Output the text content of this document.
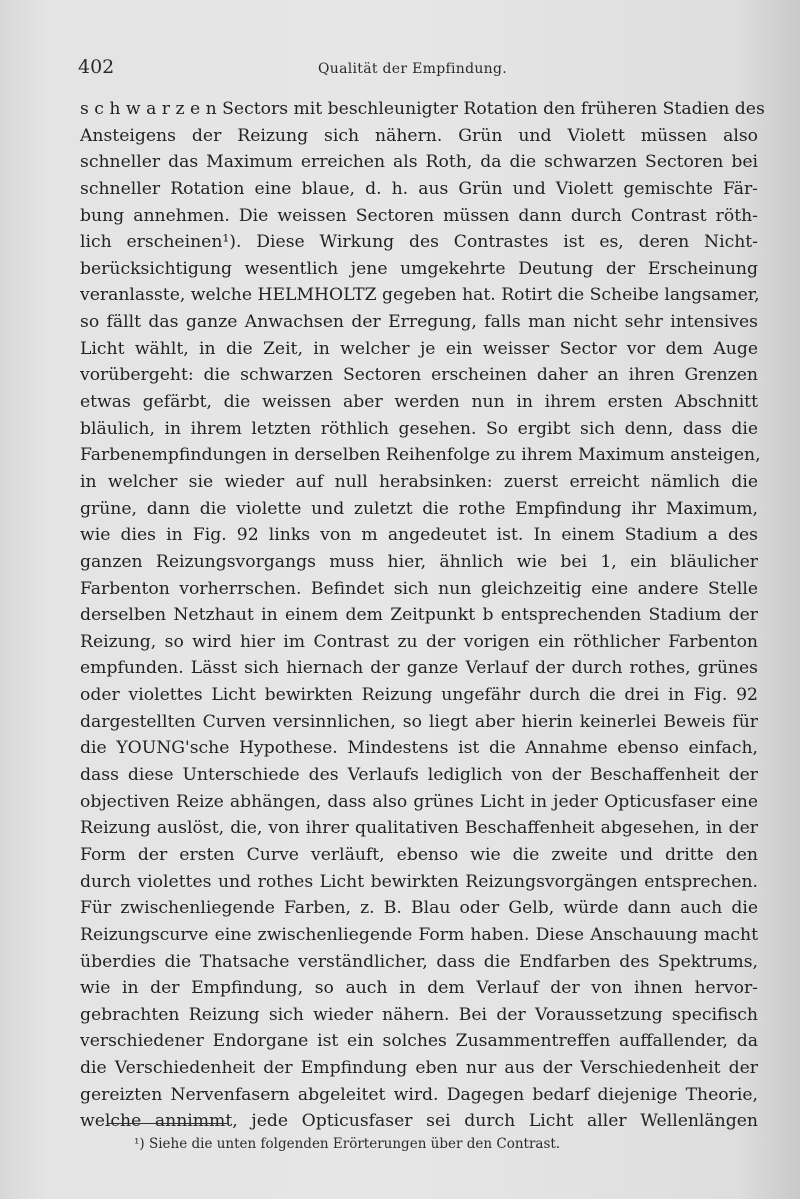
402	Qualität der Empfindung.
s c h w a r z e n Sectors mit beschleunigter Rotation den früheren Stadien des
Ansteigens der Reizung sich nähern. Grün und Violett müssen also
schneller das Maximum erreichen als Roth, da die schwarzen Sectoren bei
schneller Rotation eine blaue, d. h. aus Grün und Violett gemischte Fär-
bung annehmen. Die weissen Sectoren müssen dann durch Contrast röth-
lich erscheinen¹). Diese Wirkung des Contrastes ist es, deren Nicht-
berücksichtigung wesentlich jene umgekehrte Deutung der Erscheinung
veranlasste, welche HELMHOLTZ gegeben hat. Rotirt die Scheibe langsamer,
so fällt das ganze Anwachsen der Erregung, falls man nicht sehr intensives
Licht wählt, in die Zeit, in welcher je ein weisser Sector vor dem Auge
vorübergeht: die schwarzen Sectoren erscheinen daher an ihren Grenzen
etwas gefärbt, die weissen aber werden nun in ihrem ersten Abschnitt
bläulich, in ihrem letzten röthlich gesehen. So ergibt sich denn, dass die
Farbenempfindungen in derselben Reihenfolge zu ihrem Maximum ansteigen,
in welcher sie wieder auf null herabsinken: zuerst erreicht nämlich die
grüne, dann die violette und zuletzt die rothe Empfindung ihr Maximum,
wie dies in Fig. 92 links von m angedeutet ist. In einem Stadium a des
ganzen Reizungsvorgangs muss hier, ähnlich wie bei 1, ein bläulicher
Farbenton vorherrschen. Befindet sich nun gleichzeitig eine andere Stelle
derselben Netzhaut in einem dem Zeitpunkt b entsprechenden Stadium der
Reizung, so wird hier im Contrast zu der vorigen ein röthlicher Farbenton
empfunden. Lässt sich hiernach der ganze Verlauf der durch rothes, grünes
oder violettes Licht bewirkten Reizung ungefähr durch die drei in Fig. 92
dargestellten Curven versinnlichen, so liegt aber hierin keinerlei Beweis für
die YOUNG'sche Hypothese. Mindestens ist die Annahme ebenso einfach,
dass diese Unterschiede des Verlaufs lediglich von der Beschaffenheit der
objectiven Reize abhängen, dass also grünes Licht in jeder Opticusfaser eine
Reizung auslöst, die, von ihrer qualitativen Beschaffenheit abgesehen, in der
Form der ersten Curve verläuft, ebenso wie die zweite und dritte den
durch violettes und rothes Licht bewirkten Reizungsvorgängen entsprechen.
Für zwischenliegende Farben, z. B. Blau oder Gelb, würde dann auch die
Reizungscurve eine zwischenliegende Form haben. Diese Anschauung macht
überdies die Thatsache verständlicher, dass die Endfarben des Spektrums,
wie in der Empfindung, so auch in dem Verlauf der von ihnen hervor-
gebrachten Reizung sich wieder nähern. Bei der Voraussetzung specifisch
verschiedener Endorgane ist ein solches Zusammentreffen auffallender, da
die Verschiedenheit der Empfindung eben nur aus der Verschiedenheit der
gereizten Nervenfasern abgeleitet wird. Dagegen bedarf diejenige Theorie,
welche annimmt, jede Opticusfaser sei durch Licht aller Wellenlängen
¹) Siehe die unten folgenden Erörterungen über den Contrast.
